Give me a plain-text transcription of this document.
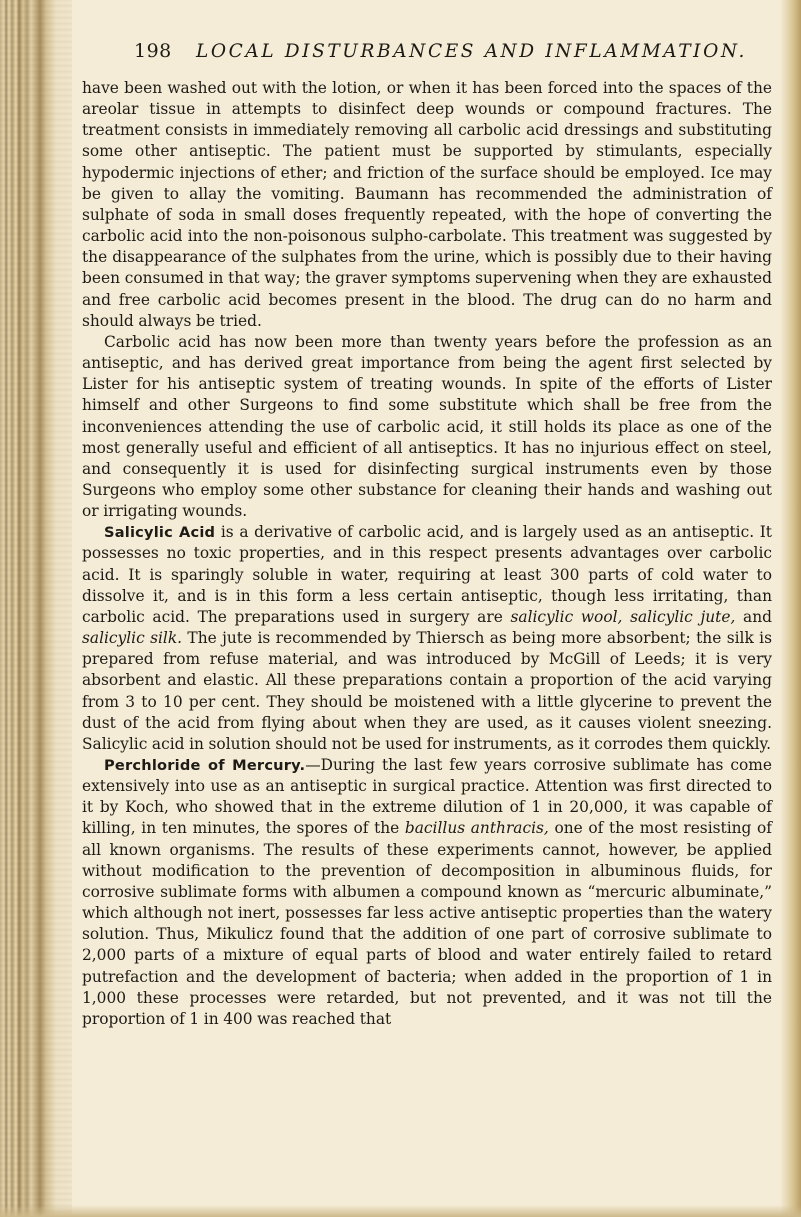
198	LOCAL DISTURBANCES AND INFLAMMATION.

have been washed out with the lotion, or when it has been forced into the spaces of the areolar tissue in attempts to disinfect deep wounds or compound fractures. The treatment consists in immediately removing all carbolic acid dressings and substituting some other antiseptic. The patient must be supported by stimulants, especially hypodermic injections of ether; and friction of the surface should be employed. Ice may be given to allay the vomiting. Baumann has recommended the administration of sulphate of soda in small doses frequently repeated, with the hope of converting the carbolic acid into the non-poisonous sulpho-carbolate. This treatment was suggested by the disappearance of the sulphates from the urine, which is possibly due to their having been consumed in that way; the graver symptoms supervening when they are exhausted and free carbolic acid becomes present in the blood. The drug can do no harm and should always be tried.

Carbolic acid has now been more than twenty years before the profession as an antiseptic, and has derived great importance from being the agent first selected by Lister for his antiseptic system of treating wounds. In spite of the efforts of Lister himself and other Surgeons to find some substitute which shall be free from the inconveniences attending the use of carbolic acid, it still holds its place as one of the most generally useful and efficient of all antiseptics. It has no injurious effect on steel, and consequently it is used for disinfecting surgical instruments even by those Surgeons who employ some other substance for cleaning their hands and washing out or irrigating wounds.

Salicylic Acid is a derivative of carbolic acid, and is largely used as an antiseptic. It possesses no toxic properties, and in this respect presents advantages over carbolic acid. It is sparingly soluble in water, requiring at least 300 parts of cold water to dissolve it, and is in this form a less certain antiseptic, though less irritating, than carbolic acid. The preparations used in surgery are salicylic wool, salicylic jute, and salicylic silk. The jute is recommended by Thiersch as being more absorbent; the silk is prepared from refuse material, and was introduced by McGill of Leeds; it is very absorbent and elastic. All these preparations contain a proportion of the acid varying from 3 to 10 per cent. They should be moistened with a little glycerine to prevent the dust of the acid from flying about when they are used, as it causes violent sneezing. Salicylic acid in solution should not be used for instruments, as it corrodes them quickly.

Perchloride of Mercury.—During the last few years corrosive sublimate has come extensively into use as an antiseptic in surgical practice. Attention was first directed to it by Koch, who showed that in the extreme dilution of 1 in 20,000, it was capable of killing, in ten minutes, the spores of the bacillus anthracis, one of the most resisting of all known organisms. The results of these experiments cannot, however, be applied without modification to the prevention of decomposition in albuminous fluids, for corrosive sublimate forms with albumen a compound known as “mercuric albuminate,” which although not inert, possesses far less active antiseptic properties than the watery solution. Thus, Mikulicz found that the addition of one part of corrosive sublimate to 2,000 parts of a mixture of equal parts of blood and water entirely failed to retard putrefaction and the development of bacteria; when added in the proportion of 1 in 1,000 these processes were retarded, but not prevented, and it was not till the proportion of 1 in 400 was reached that
